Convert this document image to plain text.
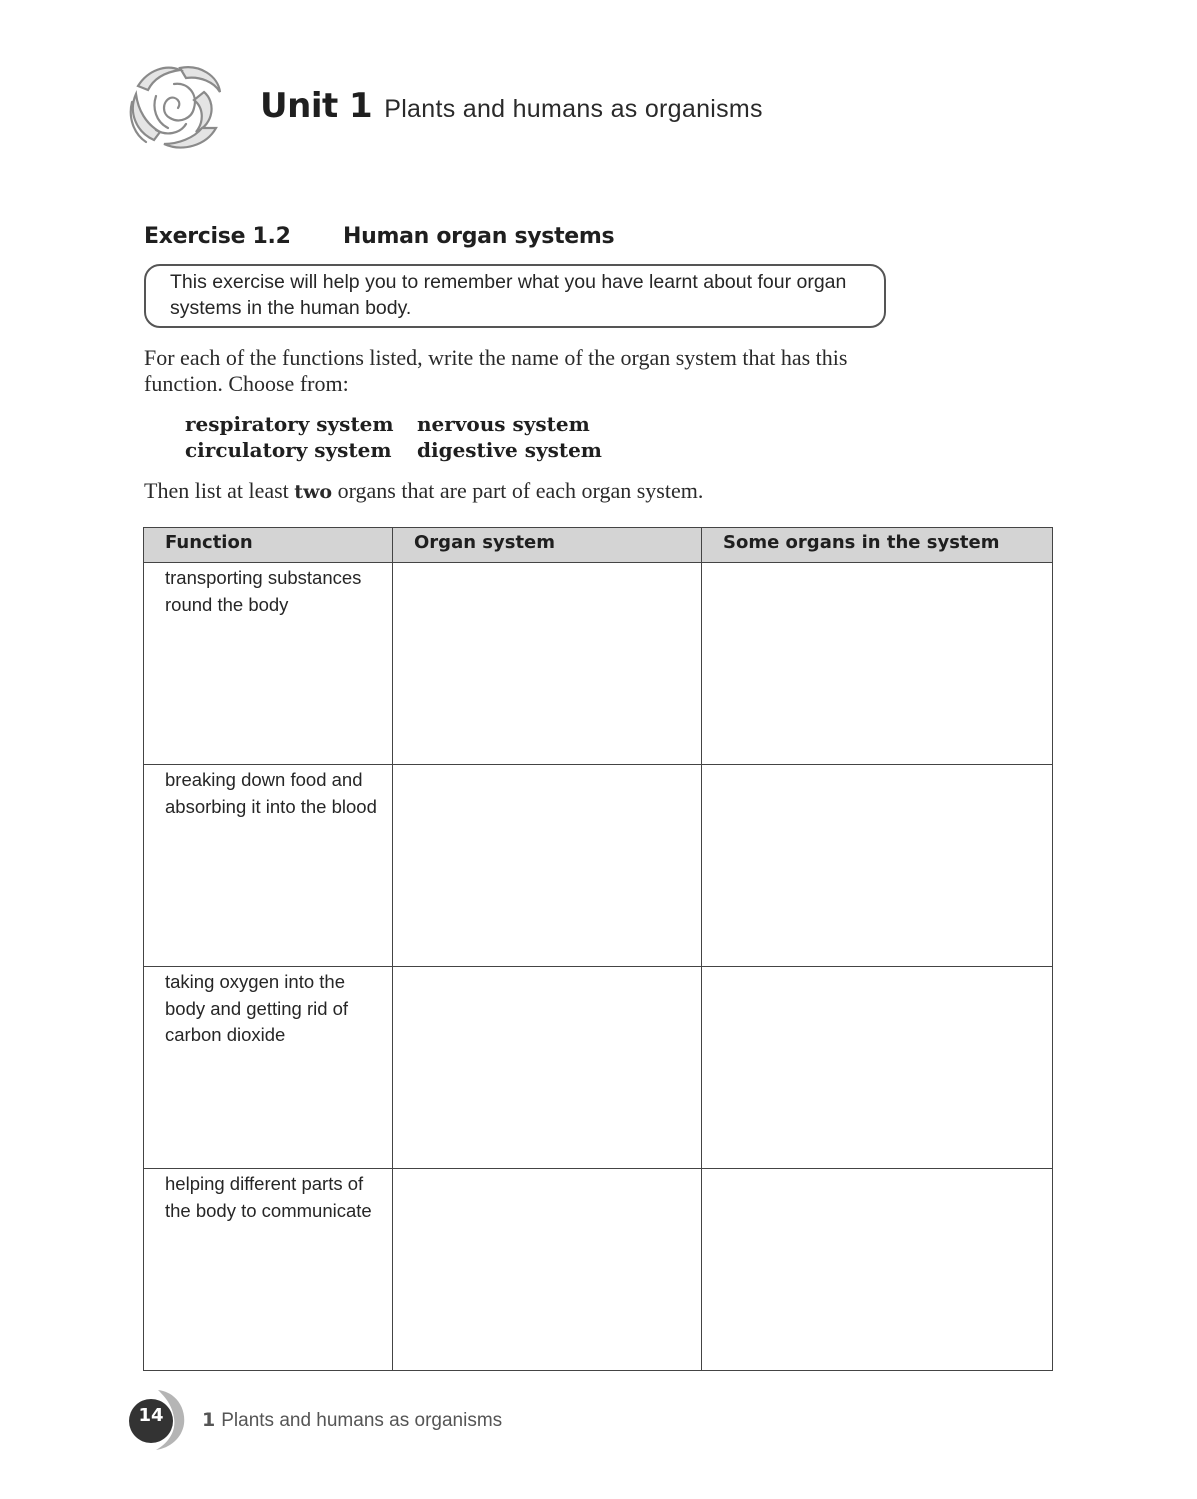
Unit 1 Plants and humans as organisms
Exercise 1.2 Human organ systems
This exercise will help you to remember what you have learnt about four organ systems in the human body.
For each of the functions listed, write the name of the organ system that has this function. Choose from:
respiratory system nervous system
circulatory system digestive system
Then list at least two organs that are part of each organ system.
Function	Organ system	Some organs in the system
transporting substances round the body		
breaking down food and absorbing it into the blood		
taking oxygen into the body and getting rid of carbon dioxide		
helping different parts of the body to communicate		
14	1 Plants and humans as organisms
